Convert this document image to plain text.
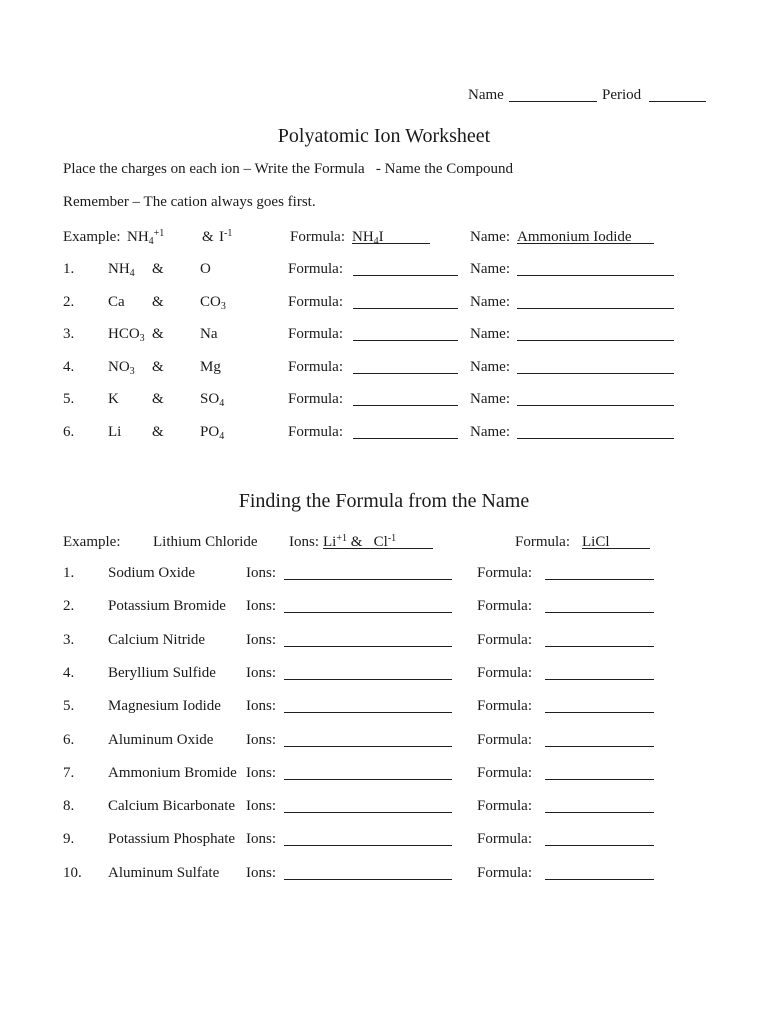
Name	Period
Polyatomic Ion Worksheet
Place the charges on each ion – Write the Formula   - Name the Compound
Remember – The cation always goes first.
Example: $NH_4^{+1}$	& $I^{-1}$	Formula: $NH_4I$	Name: Ammonium Iodide
1. $NH_4$ & O	Formula:	Name:
2. Ca & $CO_3$	Formula:	Name:
3. $HCO_3$ & Na	Formula:	Name:
4. $NO_3$ & Mg	Formula:	Name:
5. K & $SO_4$	Formula:	Name:
6. Li & $PO_4$	Formula:	Name:
Finding the Formula from the Name
Example: Lithium Chloride Ions: $Li^{+1}$ &   $Cl^{-1}$	Formula: LiCl
1. Sodium Oxide	Ions:	Formula:
2. Potassium Bromide Ions:	Formula:
3. Calcium Nitride	Ions:	Formula:
4. Beryllium Sulfide Ions:	Formula:
5. Magnesium Iodide Ions:	Formula:
6. Aluminum Oxide Ions:	Formula:
7. Ammonium Bromide Ions:	Formula:
8. Calcium Bicarbonate Ions:	Formula:
9. Potassium Phosphate Ions:	Formula:
10. Aluminum Sulfate Ions:	Formula:
